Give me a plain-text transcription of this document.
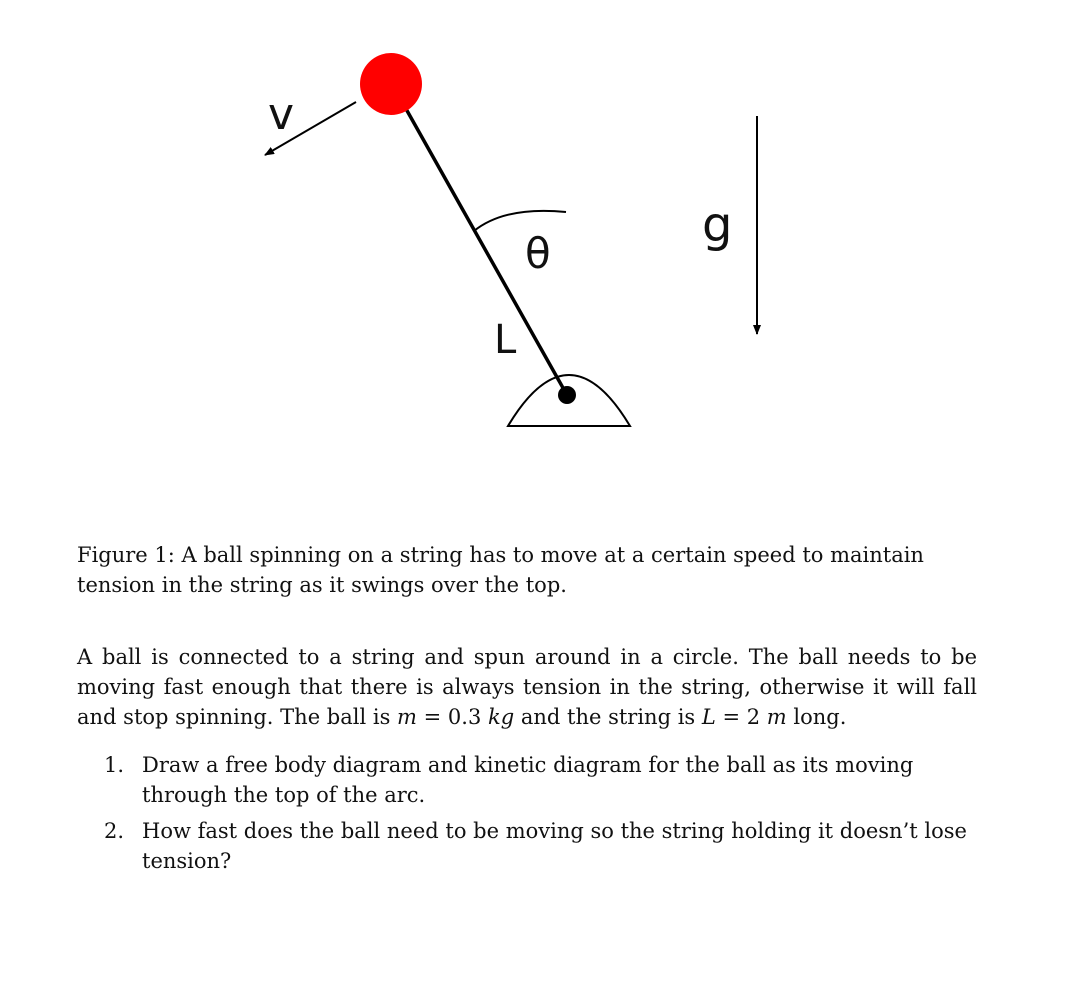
v
θ
L
g
Figure 1: A ball spinning on a string has to move at a certain speed to maintain tension in the string as it swings over the top.

A ball is connected to a string and spun around in a circle. The ball needs to be moving fast enough that there is always tension in the string, otherwise it will fall and stop spinning. The ball is m = 0.3 kg and the string is L = 2 m long.

1. Draw a free body diagram and kinetic diagram for the ball as its moving through the top of the arc.
2. How fast does the ball need to be moving so the string holding it doesn’t lose tension?
